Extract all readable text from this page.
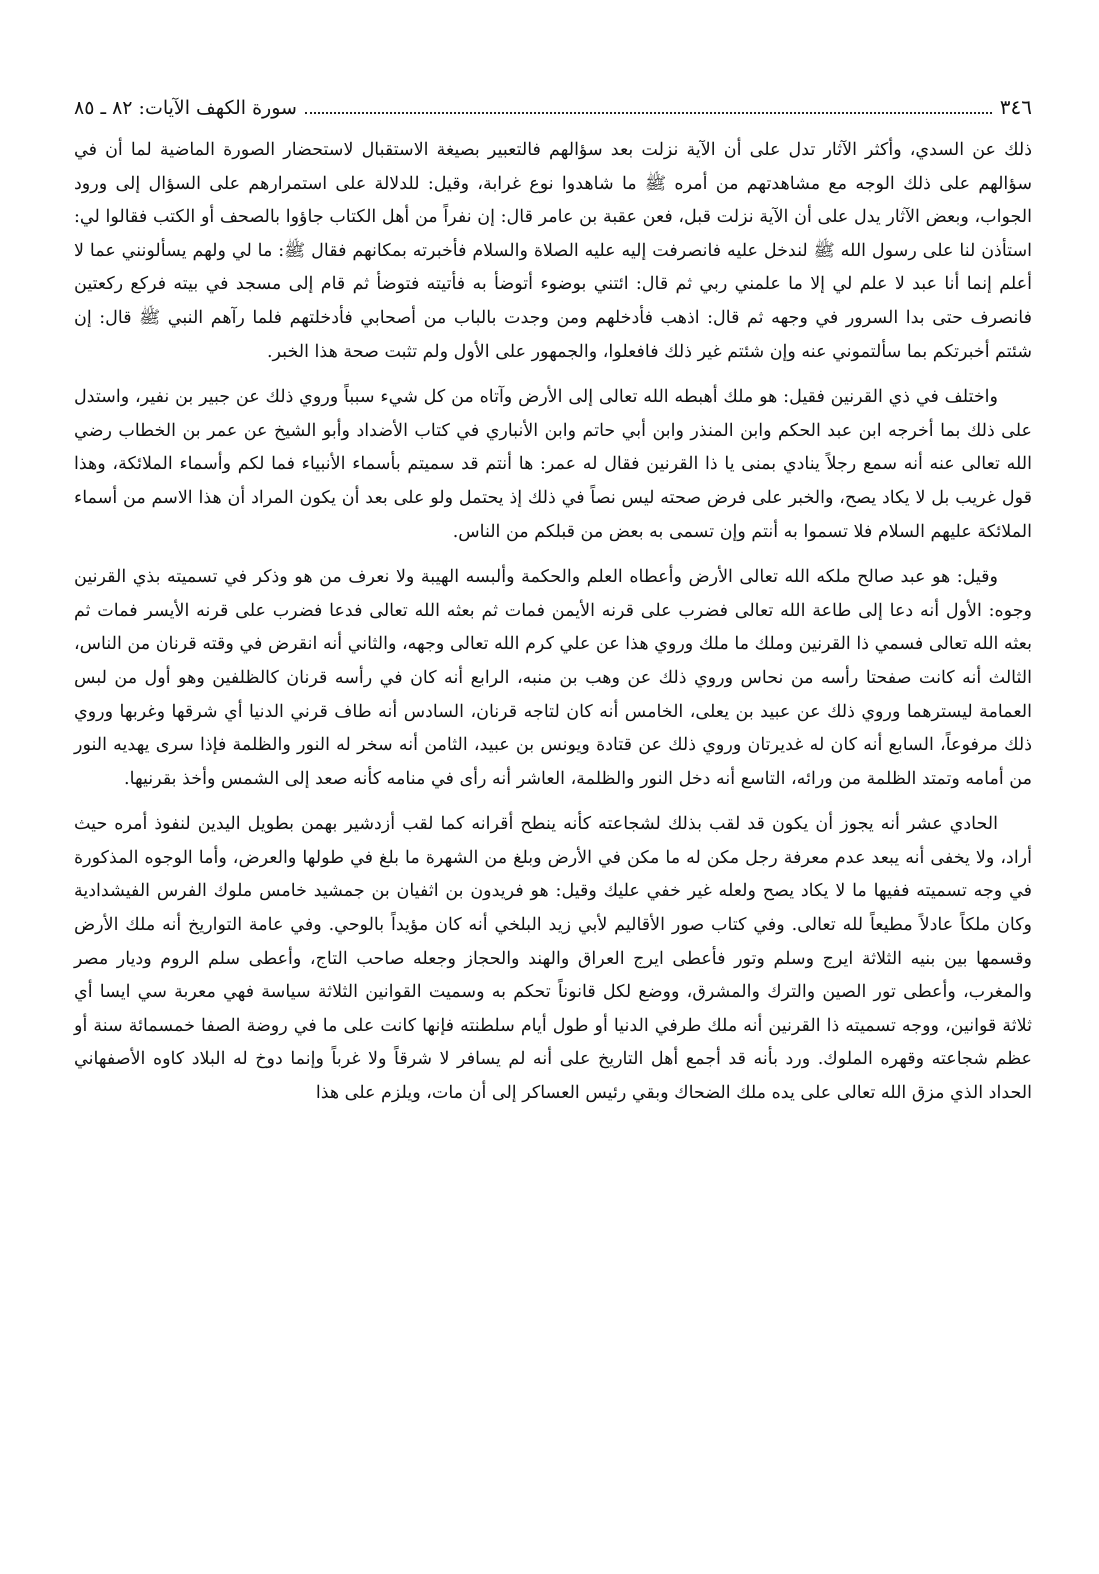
٣٤٦
سورة الكهف الآيات: ٨٢ ـ ٨٥

ذلك عن السدي، وأكثر الآثار تدل على أن الآية نزلت بعد سؤالهم فالتعبير بصيغة الاستقبال لاستحضار الصورة الماضية لما أن في سؤالهم على ذلك الوجه مع مشاهدتهم من أمره ﷺ ما شاهدوا نوع غرابة، وقيل: للدلالة على استمرارهم على السؤال إلى ورود الجواب، وبعض الآثار يدل على أن الآية نزلت قبل، فعن عقبة بن عامر قال: إن نفراً من أهل الكتاب جاؤوا بالصحف أو الكتب فقالوا لي: استأذن لنا على رسول الله ﷺ لندخل عليه فانصرفت إليه عليه الصلاة والسلام فأخبرته بمكانهم فقال ﷺ: ما لي ولهم يسألونني عما لا أعلم إنما أنا عبد لا علم لي إلا ما علمني ربي ثم قال: ائتني بوضوء أتوضأ به فأتيته فتوضأ ثم قام إلى مسجد في بيته فركع ركعتين فانصرف حتى بدا السرور في وجهه ثم قال: اذهب فأدخلهم ومن وجدت بالباب من أصحابي فأدخلتهم فلما رآهم النبي ﷺ قال: إن شئتم أخبرتكم بما سألتموني عنه وإن شئتم غير ذلك فافعلوا، والجمهور على الأول ولم تثبت صحة هذا الخبر.

واختلف في ذي القرنين فقيل: هو ملك أهبطه الله تعالى إلى الأرض وآتاه من كل شيء سبباً وروي ذلك عن جبير بن نفير، واستدل على ذلك بما أخرجه ابن عبد الحكم وابن المنذر وابن أبي حاتم وابن الأنباري في كتاب الأضداد وأبو الشيخ عن عمر بن الخطاب رضي الله تعالى عنه أنه سمع رجلاً ينادي بمنى يا ذا القرنين فقال له عمر: ها أنتم قد سميتم بأسماء الأنبياء فما لكم وأسماء الملائكة، وهذا قول غريب بل لا يكاد يصح، والخبر على فرض صحته ليس نصاً في ذلك إذ يحتمل ولو على بعد أن يكون المراد أن هذا الاسم من أسماء الملائكة عليهم السلام فلا تسموا به أنتم وإن تسمى به بعض من قبلكم من الناس.

وقيل: هو عبد صالح ملكه الله تعالى الأرض وأعطاه العلم والحكمة وألبسه الهيبة ولا نعرف من هو وذكر في تسميته بذي القرنين وجوه: الأول أنه دعا إلى طاعة الله تعالى فضرب على قرنه الأيمن فمات ثم بعثه الله تعالى فدعا فضرب على قرنه الأيسر فمات ثم بعثه الله تعالى فسمي ذا القرنين وملك ما ملك وروي هذا عن علي كرم الله تعالى وجهه، والثاني أنه انقرض في وقته قرنان من الناس، الثالث أنه كانت صفحتا رأسه من نحاس وروي ذلك عن وهب بن منبه، الرابع أنه كان في رأسه قرنان كالظلفين وهو أول من لبس العمامة ليسترهما وروي ذلك عن عبيد بن يعلى، الخامس أنه كان لتاجه قرنان، السادس أنه طاف قرني الدنيا أي شرقها وغربها وروي ذلك مرفوعاً، السابع أنه كان له غديرتان وروي ذلك عن قتادة ويونس بن عبيد، الثامن أنه سخر له النور والظلمة فإذا سرى يهديه النور من أمامه وتمتد الظلمة من ورائه، التاسع أنه دخل النور والظلمة، العاشر أنه رأى في منامه كأنه صعد إلى الشمس وأخذ بقرنيها.

الحادي عشر أنه يجوز أن يكون قد لقب بذلك لشجاعته كأنه ينطح أقرانه كما لقب أزدشير بهمن بطويل اليدين لنفوذ أمره حيث أراد، ولا يخفى أنه يبعد عدم معرفة رجل مكن له ما مكن في الأرض وبلغ من الشهرة ما بلغ في طولها والعرض، وأما الوجوه المذكورة في وجه تسميته ففيها ما لا يكاد يصح ولعله غير خفي عليك وقيل: هو فريدون بن اثفيان بن جمشيد خامس ملوك الفرس الفيشدادية وكان ملكاً عادلاً مطيعاً لله تعالى. وفي كتاب صور الأقاليم لأبي زيد البلخي أنه كان مؤيداً بالوحي. وفي عامة التواريخ أنه ملك الأرض وقسمها بين بنيه الثلاثة ايرج وسلم وتور فأعطى ايرج العراق والهند والحجاز وجعله صاحب التاج، وأعطى سلم الروم وديار مصر والمغرب، وأعطى تور الصين والترك والمشرق، ووضع لكل قانوناً تحكم به وسميت القوانين الثلاثة سياسة فهي معربة سي ايسا أي ثلاثة قوانين، ووجه تسميته ذا القرنين أنه ملك طرفي الدنيا أو طول أيام سلطنته فإنها كانت على ما في روضة الصفا خمسمائة سنة أو عظم شجاعته وقهره الملوك. ورد بأنه قد أجمع أهل التاريخ على أنه لم يسافر لا شرقاً ولا غرباً وإنما دوخ له البلاد كاوه الأصفهاني الحداد الذي مزق الله تعالى على يده ملك الضحاك وبقي رئيس العساكر إلى أن مات، ويلزم على هذا
